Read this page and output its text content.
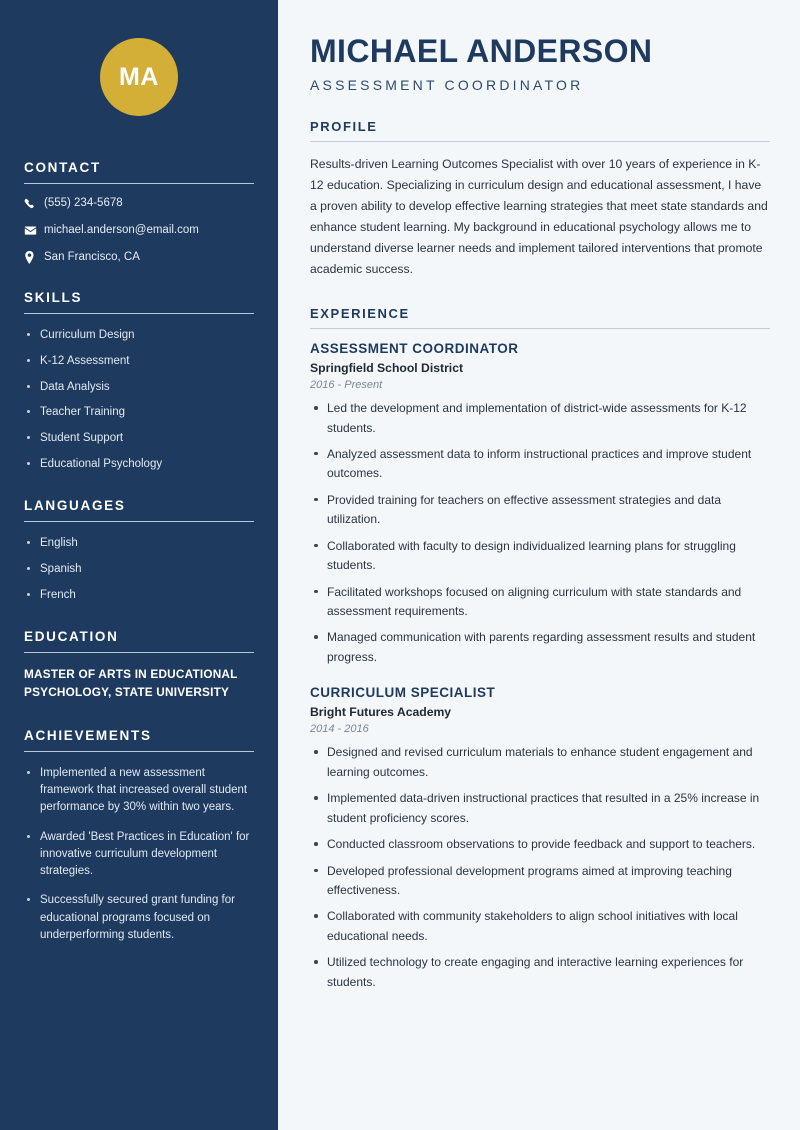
MA
CONTACT
(555) 234-5678
michael.anderson@email.com
San Francisco, CA
SKILLS
Curriculum Design
K-12 Assessment
Data Analysis
Teacher Training
Student Support
Educational Psychology
LANGUAGES
English
Spanish
French
EDUCATION
MASTER OF ARTS IN EDUCATIONAL PSYCHOLOGY, STATE UNIVERSITY
ACHIEVEMENTS
Implemented a new assessment framework that increased overall student performance by 30% within two years.
Awarded 'Best Practices in Education' for innovative curriculum development strategies.
Successfully secured grant funding for educational programs focused on underperforming students.
MICHAEL ANDERSON
ASSESSMENT COORDINATOR
PROFILE

Results-driven Learning Outcomes Specialist with over 10 years of experience in K-12 education. Specializing in curriculum design and educational assessment, I have a proven ability to develop effective learning strategies that meet state standards and enhance student learning. My background in educational psychology allows me to understand diverse learner needs and implement tailored interventions that promote academic success.

EXPERIENCE
ASSESSMENT COORDINATOR
Springfield School District
2016 - Present
Led the development and implementation of district-wide assessments for K-12 students.
Analyzed assessment data to inform instructional practices and improve student outcomes.
Provided training for teachers on effective assessment strategies and data utilization.
Collaborated with faculty to design individualized learning plans for struggling students.
Facilitated workshops focused on aligning curriculum with state standards and assessment requirements.
Managed communication with parents regarding assessment results and student progress.
CURRICULUM SPECIALIST
Bright Futures Academy
2014 - 2016
Designed and revised curriculum materials to enhance student engagement and learning outcomes.
Implemented data-driven instructional practices that resulted in a 25% increase in student proficiency scores.
Conducted classroom observations to provide feedback and support to teachers.
Developed professional development programs aimed at improving teaching effectiveness.
Collaborated with community stakeholders to align school initiatives with local educational needs.
Utilized technology to create engaging and interactive learning experiences for students.
